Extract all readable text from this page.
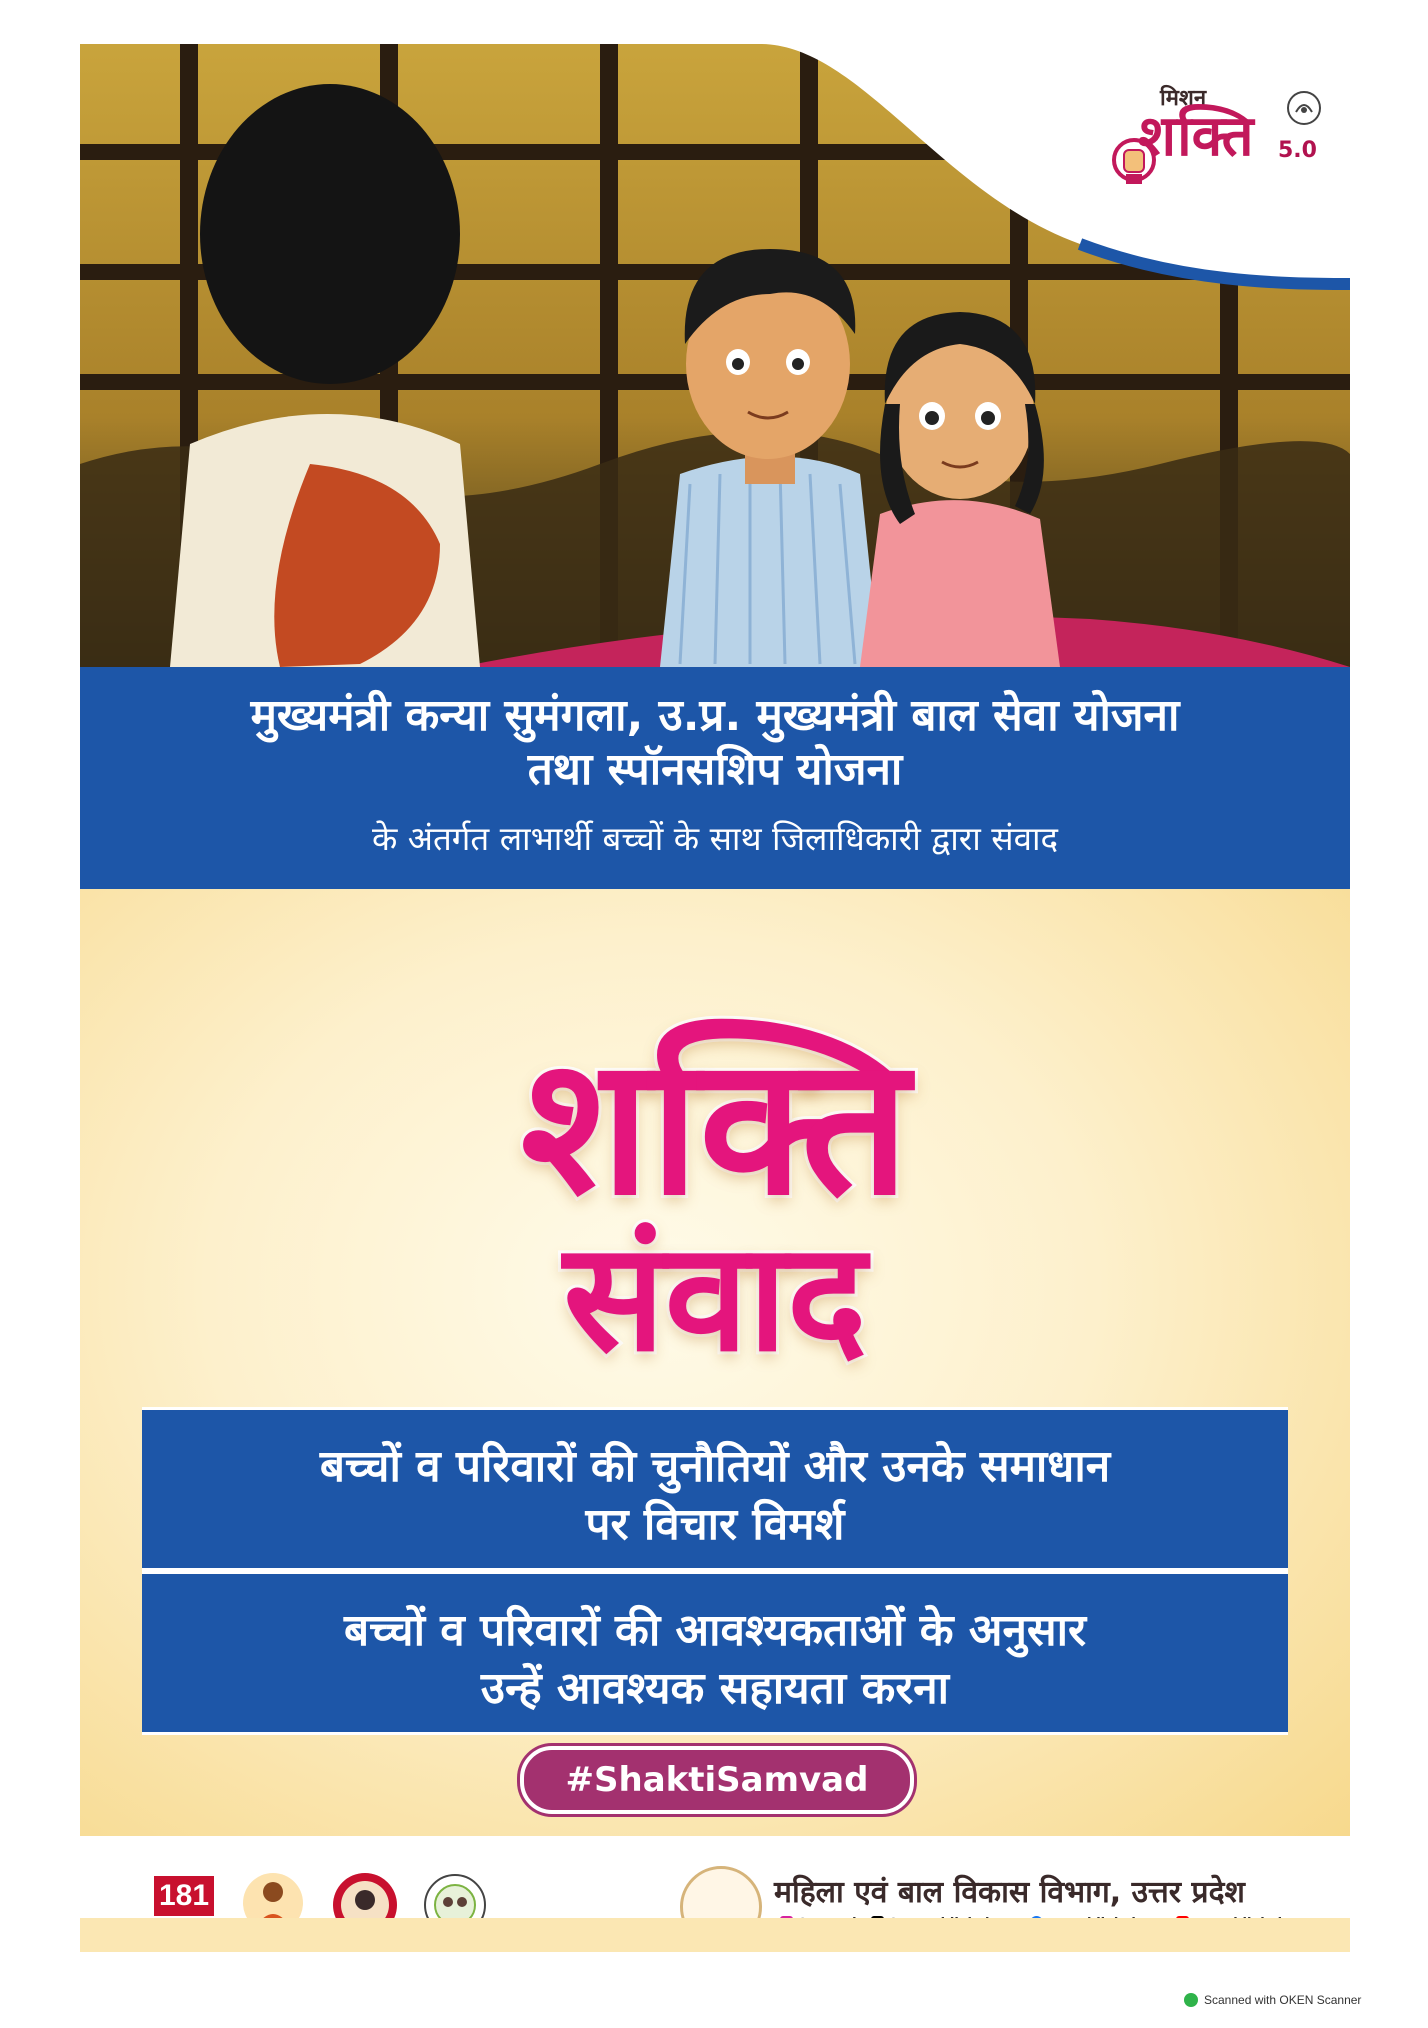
मिशन
शक्ति 5.0
मुख्यमंत्री कन्या सुमंगला, उ.प्र. मुख्यमंत्री बाल सेवा योजना
तथा स्पॉनसशिप योजना
के अंतर्गत लाभार्थी बच्चों के साथ जिलाधिकारी द्वारा संवाद
शक्ति
संवाद
बच्चों व परिवारों की चुनौतियों और उनके समाधान
पर विचार विमर्श
बच्चों व परिवारों की आवश्यकताओं के अनुसार
उन्हें आवश्यक सहायता करना
#ShaktiSamvad
181	महिला एवं बाल विकास विभाग, उत्तर प्रदेश

Scanned with OKEN Scanner
